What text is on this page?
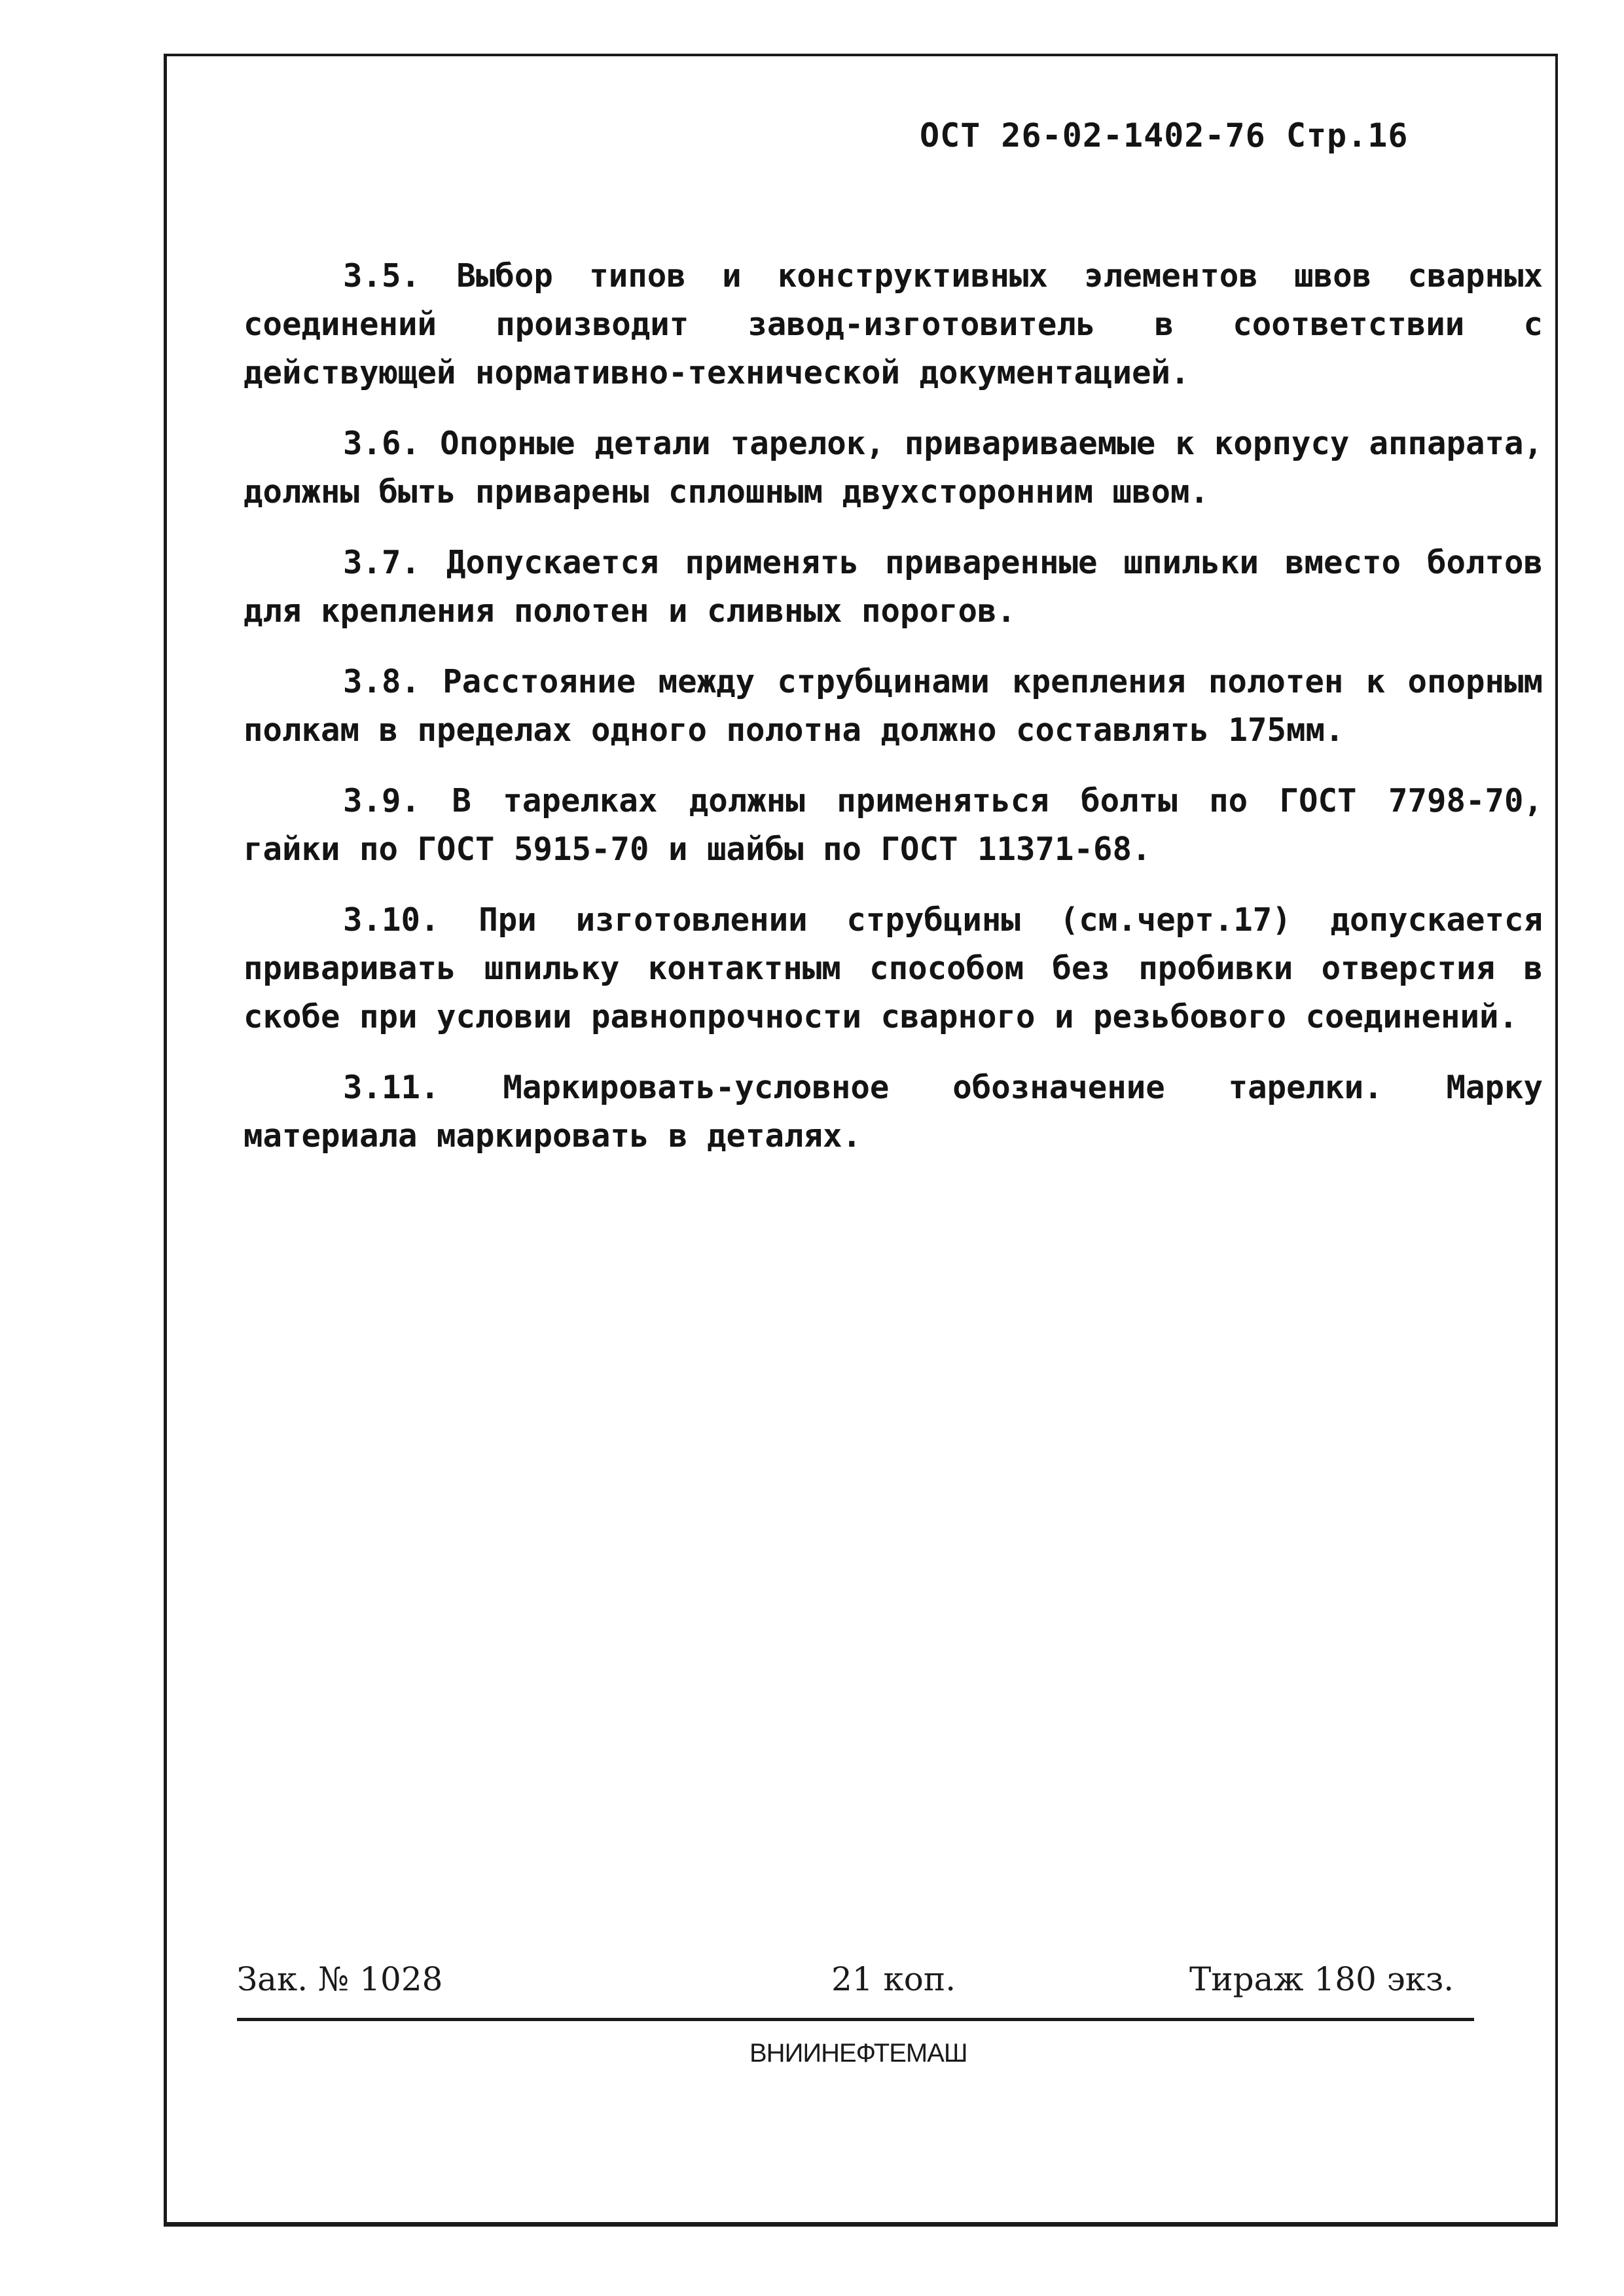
ОСТ 26-02-1402-76 Стр.16

3.5. Выбор типов и конструктивных элементов швов сварных соединений производит завод-изготовитель в соответствии с действующей нормативно-технической документацией.

3.6. Опорные детали тарелок, привариваемые к корпусу аппарата, должны быть приварены сплошным двухсторонним швом.

3.7. Допускается применять приваренные шпильки вместо болтов для крепления полотен и сливных порогов.

3.8. Расстояние между струбцинами крепления полотен к опорным полкам в пределах одного полотна должно составлять 175мм.

3.9. В тарелках должны применяться болты по ГОСТ 7798-70, гайки по ГОСТ 5915-70 и шайбы по ГОСТ 11371-68.

3.10. При изготовлении струбцины (см.черт.17) допускается приваривать шпильку контактным способом без пробивки отверстия в скобе при условии равнопрочности сварного и резьбового соединений.

3.11. Маркировать-условное обозначение тарелки. Марку материала маркировать в деталях.

Зак. № 1028	21 коп.	Тираж 180 экз.
ВНИИНЕФТЕМАШ
